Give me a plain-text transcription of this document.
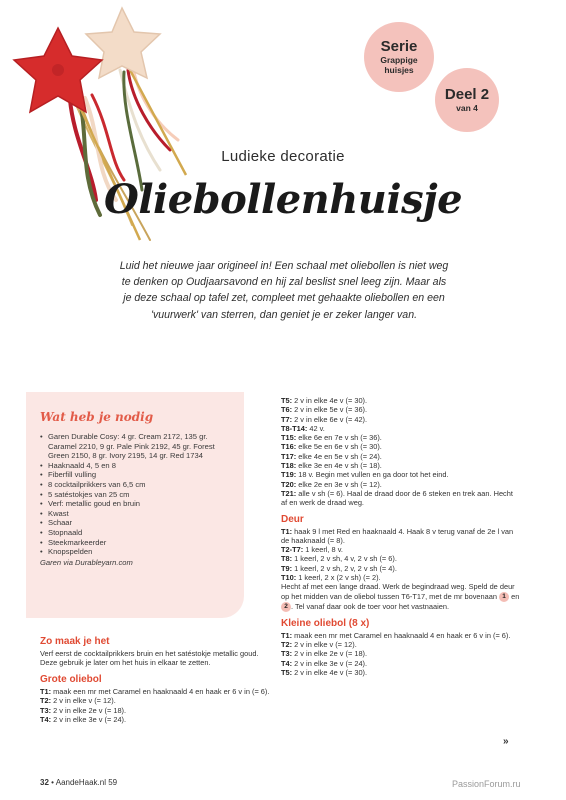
Serie
Grappige
huisjes
Deel 2
van 4
Ludieke decoratie
Oliebollenhuisje
Luid het nieuwe jaar origineel in! Een schaal met oliebollen is niet weg te denken op Oudjaarsavond en hij zal beslist snel leeg zijn. Maar als je deze schaal op tafel zet, compleet met gehaakte oliebollen en een 'vuurwerk' van sterren, dan geniet je er zeker langer van.
Wat heb je nodig
• Garen Durable Cosy: 4 gr. Cream 2172, 135 gr. Caramel 2210, 9 gr. Pale Pink 2192, 45 gr. Forest Green 2150, 8 gr. Ivory 2195, 14 gr. Red 1734
• Haaknaald 4, 5 en 8
• Fiberfill vulling
• 8 cocktailprikkers van 6,5 cm
• 5 satéstokjes van 25 cm
• Verf: metallic goud en bruin
• Kwast
• Schaar
• Stopnaald
• Steekmarkeerder
• Knopspelden
Garen via Durableyarn.com
Zo maak je het
Verf eerst de cocktailprikkers bruin en het satéstokje metallic goud. Deze gebruik je later om het huis in elkaar te zetten.
Grote oliebol
T1: maak een mr met Caramel en haaknaald 4 en haak er 6 v in (= 6).
T2: 2 v in elke v (= 12).
T3: 2 v in elke 2e v (= 18).
T4: 2 v in elke 3e v (= 24).
T5: 2 v in elke 4e v (= 30).
T6: 2 v in elke 5e v (= 36).
T7: 2 v in elke 6e v (= 42).
T8-T14: 42 v.
T15: elke 6e en 7e v sh (= 36).
T16: elke 5e en 6e v sh (= 30).
T17: elke 4e en 5e v sh (= 24).
T18: elke 3e en 4e v sh (= 18).
T19: 18 v. Begin met vullen en ga door tot het eind.
T20: elke 2e en 3e v sh (= 12).
T21: alle v sh (= 6). Haal de draad door de 6 steken en trek aan. Hecht af en werk de draad weg.
Deur
T1: haak 9 l met Red en haaknaald 4. Haak 8 v terug vanaf de 2e l van de haaknaald (= 8).
T2-T7: 1 keerl, 8 v.
T8: 1 keerl, 2 v sh, 4 v, 2 v sh (= 6).
T9: 1 keerl, 2 v sh, 2 v, 2 v sh (= 4).
T10: 1 keerl, 2 x (2 v sh) (= 2).
Hecht af met een lange draad. Werk de begindraad weg. Speld de deur op het midden van de oliebol tussen T6-T17, met de mr bovenaan 1 en 2 . Tel vanaf daar ook de toer voor het vastnaaien.
Kleine oliebol (8 x)
T1: maak een mr met Caramel en haaknaald 4 en haak er 6 v in (= 6).
T2: 2 v in elke v (= 12).
T3: 2 v in elke 2e v (= 18).
T4: 2 v in elke 3e v (= 24).
T5: 2 v in elke 4e v (= 30).
»
32 • AandeHaak.nl 59	PassionForum.ru
